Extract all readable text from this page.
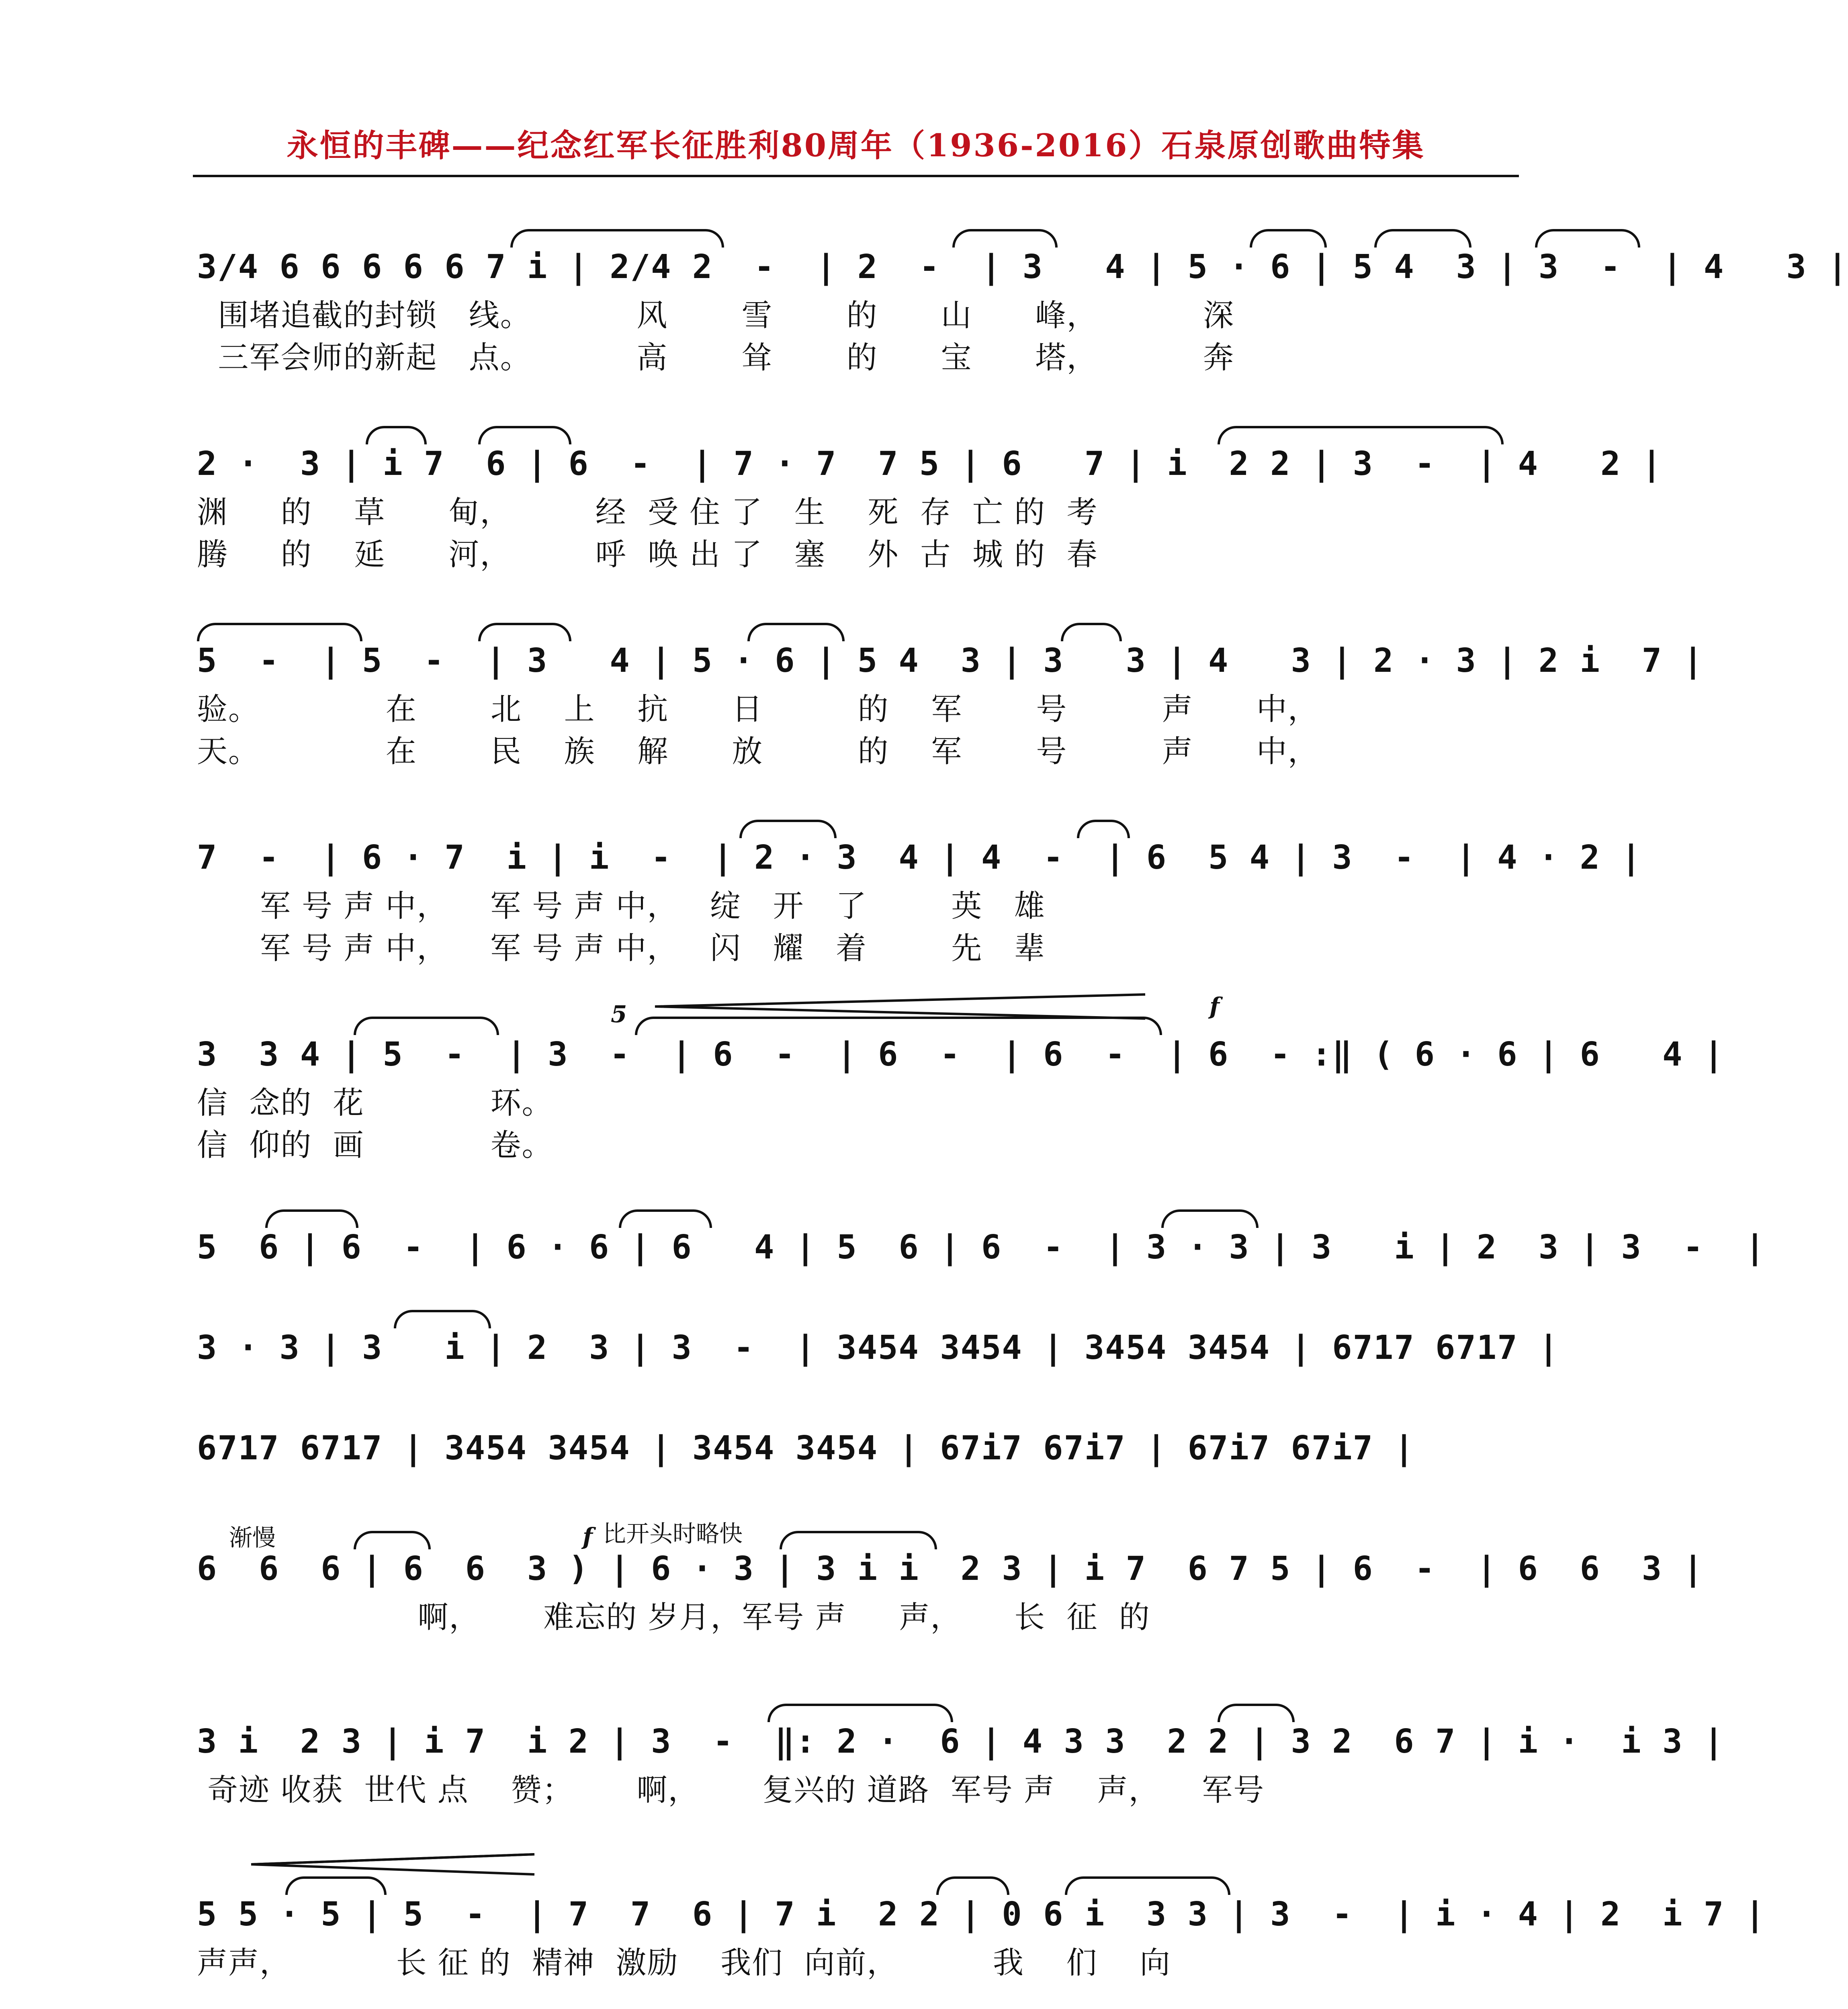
永恒的丰碑——纪念红军长征胜利80周年（1936-2016）石泉原创歌曲特集
3/4 6 6 6 6 6 7 i | 2/4 2  -  | 2  -  | 3   4 | 5 · 6 | 5 4  3 | 3  -  | 4   3 |
围堵追截的封锁   线。          风       雪       的      山      峰，          深
三军会师的新起   点。          高       耸       的      宝      塔，          奔
2 ·  3 | i 7  6 | 6  -  | 7 · 7  7 5 | 6   7 | i  2 2 | 3  -  | 4   2 |
渊     的    草      甸，        经  受 住 了   生    死  存  亡 的  考
腾     的    延      河，        呼  唤 出 了   塞    外  古  城 的  春
5  -  | 5  -  | 3   4 | 5 · 6 | 5 4  3 | 3   3 | 4   3 | 2 · 3 | 2 i  7 |
验。            在       北    上    抗      日         的    军       号         声      中，
天。            在       民    族    解      放         的    军       号         声      中，
7  -  | 6 · 7  i | i  -  | 2 · 3  4 | 4  -  | 6  5 4 | 3  -  | 4 · 2 |
军 号 声 中，    军 号 声 中，   绽   开   了        英   雄
军 号 声 中，    军 号 声 中，   闪   耀   着        先   辈
3  3 4 | 5  -  | 3  -  | 6  -  | 6  -  | 6  -  | 6  - :‖ ( 6 · 6 | 6   4 |
信  念的  花            环。
信  仰的  画            卷。
5	f
5  6 | 6  -  | 6 · 6 | 6   4 | 5  6 | 6  -  | 3 · 3 | 3   i | 2  3 | 3  -  |
3 · 3 | 3   i | 2  3 | 3  -  | 3454 3454 | 3454 3454 | 6717 6717 |
6717 6717 | 3454 3454 | 3454 3454 | 67i7 67i7 | 67i7 67i7 |
渐慢	f 比开头时略快
6  6  6 | 6  6  3 ) | 6 · 3 | 3 i i  2 3 | i 7  6 7 5 | 6  -  | 6  6  3 |
啊，      难忘的 岁月，军号 声     声，     长  征  的
3 i  2 3 | i 7  i 2 | 3  -  ‖: 2 ·  6 | 4 3 3  2 2 | 3 2  6 7 | i ·  i 3 |
奇迹 收获  世代 点    赞；      啊，      复兴的 道路  军号 声    声，    军号
5 5 · 5 | 5  -  | 7  7  6 | 7 i  2 2 | 0 6 i  3 3 | 3  -  | i · 4 | 2  i 7 |
声声，          长 征 的  精神  激励    我们  向前，         我    们    向
